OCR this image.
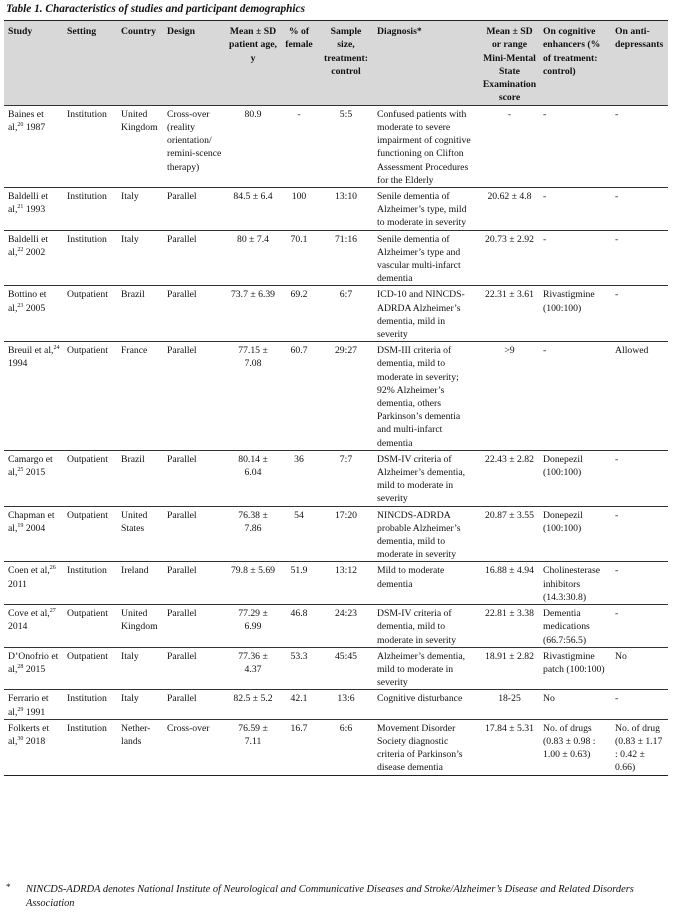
Table 1. Characteristics of studies and participant demographics
Study	Setting	Country	Design	Mean ± SD patient age, y	% of female	Sample size, treatment: control	Diagnosis*	Mean ± SD or range Mini-Mental State Examination score	On cognitive enhancers (% of treatment: control)	On anti-depressants
Baines et al,$^{20}$ 1987	Institution	United Kingdom	Cross-over (reality orientation/ remini-scence therapy)	80.9	-	5:5	Confused patients with moderate to severe impairment of cognitive functioning on Clifton Assessment Procedures for the Elderly	-	-	-
Baldelli et al,$^{21}$ 1993	Institution	Italy	Parallel	84.5 ± 6.4	100	13:10	Senile dementia of Alzheimer’s type, mild to moderate in severity	20.62 ± 4.8	-	-
Baldelli et al,$^{22}$ 2002	Institution	Italy	Parallel	80 ± 7.4	70.1	71:16	Senile dementia of Alzheimer’s type and vascular multi-infarct dementia	20.73 ± 2.92	-	-
Bottino et al,$^{23}$ 2005	Outpatient	Brazil	Parallel	73.7 ± 6.39	69.2	6:7	ICD-10 and NINCDS-ADRDA Alzheimer’s dementia, mild in severity	22.31 ± 3.61	Rivastigmine (100:100)	-
Breuil et al,$^{24}$ 1994	Outpatient	France	Parallel	77.15 ± 7.08	60.7	29:27	DSM-III criteria of dementia, mild to moderate in severity; 92% Alzheimer’s dementia, others Parkinson’s dementia and multi-infarct dementia	>9	-	Allowed
Camargo et al,$^{25}$ 2015	Outpatient	Brazil	Parallel	80.14 ± 6.04	36	7:7	DSM-IV criteria of Alzheimer’s dementia, mild to moderate in severity	22.43 ± 2.82	Donepezil (100:100)	-
Chapman et al,$^{19}$ 2004	Outpatient	United States	Parallel	76.38 ± 7.86	54	17:20	NINCDS-ADRDA probable Alzheimer’s dementia, mild to moderate in severity	20.87 ± 3.55	Donepezil (100:100)	-
Coen et al,$^{26}$ 2011	Institution	Ireland	Parallel	79.8 ± 5.69	51.9	13:12	Mild to moderate dementia	16.88 ± 4.94	Cholinesterase inhibitors (14.3:30.8)	-
Cove et al,$^{27}$ 2014	Outpatient	United Kingdom	Parallel	77.29 ± 6.99	46.8	24:23	DSM-IV criteria of dementia, mild to moderate in severity	22.81 ± 3.38	Dementia medications (66.7:56.5)	-
D’Onofrio et al,$^{28}$ 2015	Outpatient	Italy	Parallel	77.36 ± 4.37	53.3	45:45	Alzheimer’s dementia, mild to moderate in severity	18.91 ± 2.82	Rivastigmine patch (100:100)	No
Ferrario et al,$^{29}$ 1991	Institution	Italy	Parallel	82.5 ± 5.2	42.1	13:6	Cognitive disturbance	18-25	No	-
Folkerts et al,$^{30}$ 2018	Institution	Nether-lands	Cross-over	76.59 ± 7.11	16.7	6:6	Movement Disorder Society diagnostic criteria of Parkinson’s disease dementia	17.84 ± 5.31	No. of drugs (0.83 ± 0.98 : 1.00 ± 0.63)	No. of drug (0.83 ± 1.17 : 0.42 ± 0.66)
*	NINCDS-ADRDA denotes National Institute of Neurological and Communicative Diseases and Stroke/Alzheimer’s Disease and Related Disorders Association
